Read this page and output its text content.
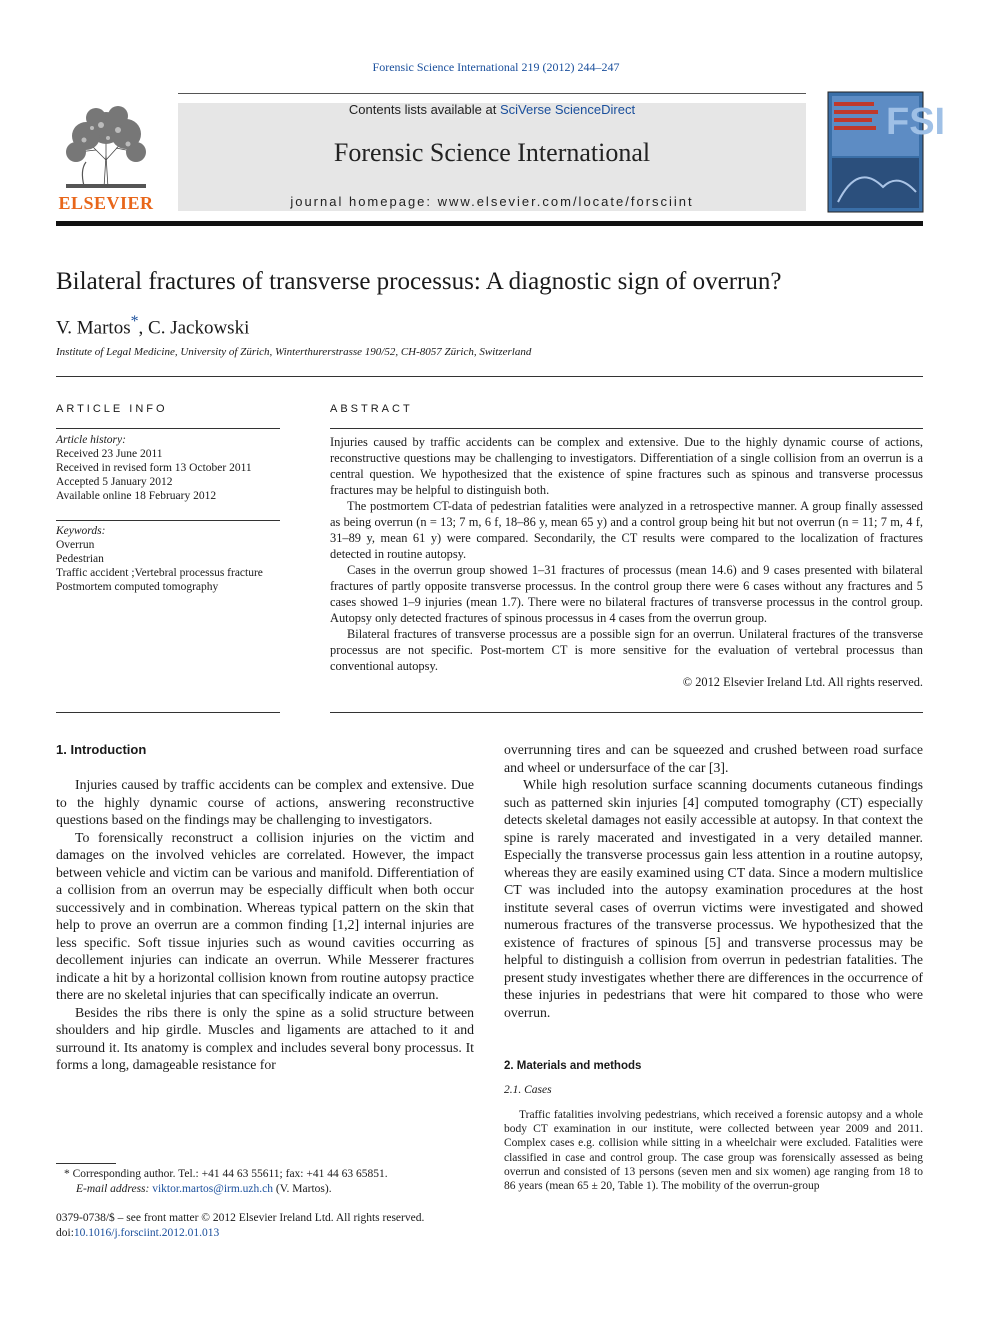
Forensic Science International 219 (2012) 244–247
Contents lists available at SciVerse ScienceDirect
Forensic Science International
journal homepage: www.elsevier.com/locate/forsciint
ELSEVIER
FSI
Bilateral fractures of transverse processus: A diagnostic sign of overrun?
V. Martos*, C. Jackowski
Institute of Legal Medicine, University of Zürich, Winterthurerstrasse 190/52, CH-8057 Zürich, Switzerland
ARTICLE INFO	ABSTRACT
Article history:
Received 23 June 2011
Received in revised form 13 October 2011
Accepted 5 January 2012
Available online 18 February 2012
Keywords:
Overrun
Pedestrian
Traffic accident ;Vertebral processus fracture
Postmortem computed tomography

Injuries caused by traffic accidents can be complex and extensive. Due to the highly dynamic course of actions, reconstructive questions may be challenging to investigators. Differentiation of a single collision from an overrun is a central question. We hypothesized that the existence of spine fractures such as spinous and transverse processus fractures may be helpful to distinguish both.

The postmortem CT-data of pedestrian fatalities were analyzed in a retrospective manner. A group finally assessed as being overrun (n = 13; 7 m, 6 f, 18–86 y, mean 65 y) and a control group being hit but not overrun (n = 11; 7 m, 4 f, 31–89 y, mean 61 y) were compared. Secondarily, the CT results were compared to the localization of fractures detected in routine autopsy.

Cases in the overrun group showed 1–31 fractures of processus (mean 14.6) and 9 cases presented with bilateral fractures of partly opposite transverse processus. In the control group there were 6 cases without any fractures and 5 cases showed 1–9 injuries (mean 1.7). There were no bilateral fractures of transverse processus in the control group. Autopsy only detected fractures of spinous processus in 4 cases from the overrun group.

Bilateral fractures of transverse processus are a possible sign for an overrun. Unilateral fractures of the transverse processus are not specific. Post-mortem CT is more sensitive for the evaluation of vertebral processus than conventional autopsy.

© 2012 Elsevier Ireland Ltd. All rights reserved.
1. Introduction

Injuries caused by traffic accidents can be complex and extensive. Due to the highly dynamic course of actions, answering reconstructive questions based on the findings may be challenging to investigators.

To forensically reconstruct a collision injuries on the victim and damages on the involved vehicles are correlated. However, the impact between vehicle and victim can be various and manifold. Differentiation of a collision from an overrun may be especially difficult when both occur successively and in combination. Whereas typical pattern on the skin that help to prove an overrun are a common finding [1,2] internal injuries are less specific. Soft tissue injuries such as wound cavities occurring as decollement injuries can indicate an overrun. While Messerer fractures indicate a hit by a horizontal collision known from routine autopsy practice there are no skeletal injuries that can specifically indicate an overrun.

Besides the ribs there is only the spine as a solid structure between shoulders and hip girdle. Muscles and ligaments are attached to it and surround it. Its anatomy is complex and includes several bony processus. It forms a long, damageable resistance for

overrunning tires and can be squeezed and crushed between road surface and wheel or undersurface of the car [3].

While high resolution surface scanning documents cutaneous findings such as patterned skin injuries [4] computed tomography (CT) especially detects skeletal damages not easily accessible at autopsy. In that context the spine is rarely macerated and investigated in a very detailed manner. Especially the transverse processus gain less attention in a routine autopsy, whereas they are easily examined using CT data. Since a modern multislice CT was included into the autopsy examination procedures at the host institute several cases of overrun victims were investigated and showed numerous fractures of the transverse processus. We hypothesized that the existence of fractures of spinous [5] and transverse processus may be helpful to distinguish a collision from overrun in pedestrian fatalities. The present study investigates whether there are differences in the occurrence of these injuries in pedestrians that were hit compared to those who were overrun.

2. Materials and methods
2.1. Cases

Traffic fatalities involving pedestrians, which received a forensic autopsy and a whole body CT examination in our institute, were collected between year 2009 and 2011. Complex cases e.g. collision while sitting in a wheelchair were excluded. Fatalities were classified in case and control group. The case group was forensically assessed as being overrun and consisted of 13 persons (seven men and six women) age ranging from 18 to 86 years (mean 65 ± 20, Table 1). The mobility of the overrun-group

* Corresponding author. Tel.: +41 44 63 55611; fax: +41 44 63 65851.
E-mail address: viktor.martos@irm.uzh.ch (V. Martos).
0379-0738/$ – see front matter © 2012 Elsevier Ireland Ltd. All rights reserved.
doi:10.1016/j.forsciint.2012.01.013
